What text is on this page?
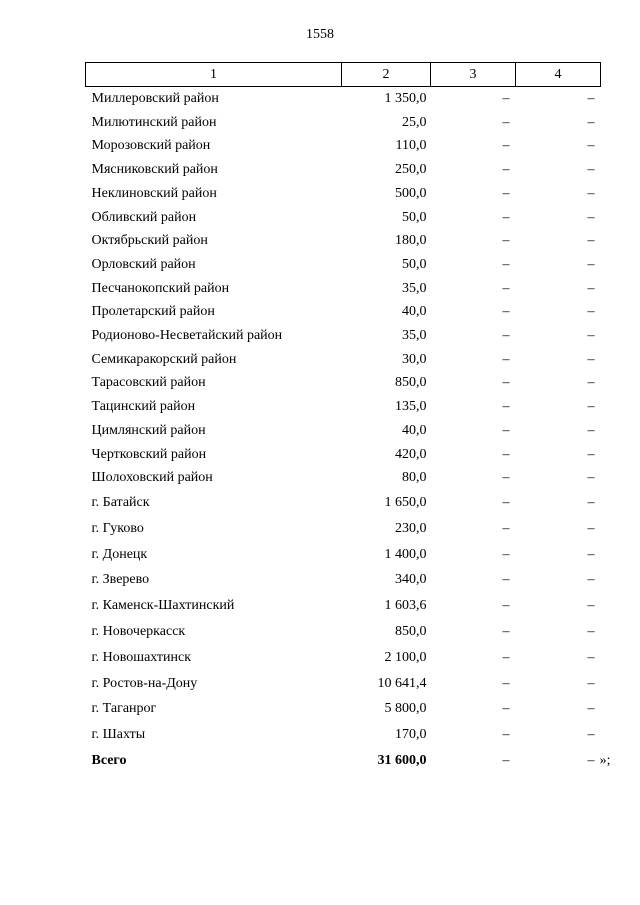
1558
1	2	3	4
Миллеровский район	1 350,0	–	–
Милютинский район	25,0	–	–
Морозовский район	110,0	–	–
Мясниковский район	250,0	–	–
Неклиновский район	500,0	–	–
Обливский район	50,0	–	–
Октябрьский район	180,0	–	–
Орловский район	50,0	–	–
Песчанокопский район	35,0	–	–
Пролетарский район	40,0	–	–
Родионово-Несветайский район	35,0	–	–
Семикаракорский район	30,0	–	–
Тарасовский район	850,0	–	–
Тацинский район	135,0	–	–
Цимлянский район	40,0	–	–
Чертковский район	420,0	–	–
Шолоховский район	80,0	–	–
г. Батайск	1 650,0	–	–
г. Гуково	230,0	–	–
г. Донецк	1 400,0	–	–
г. Зверево	340,0	–	–
г. Каменск-Шахтинский	1 603,6	–	–
г. Новочеркасск	850,0	–	–
г. Новошахтинск	2 100,0	–	–
г. Ростов-на-Дону	10 641,4	–	–
г. Таганрог	5 800,0	–	–
г. Шахты	170,0	–	–
Всего	31 600,0	–	– »;
